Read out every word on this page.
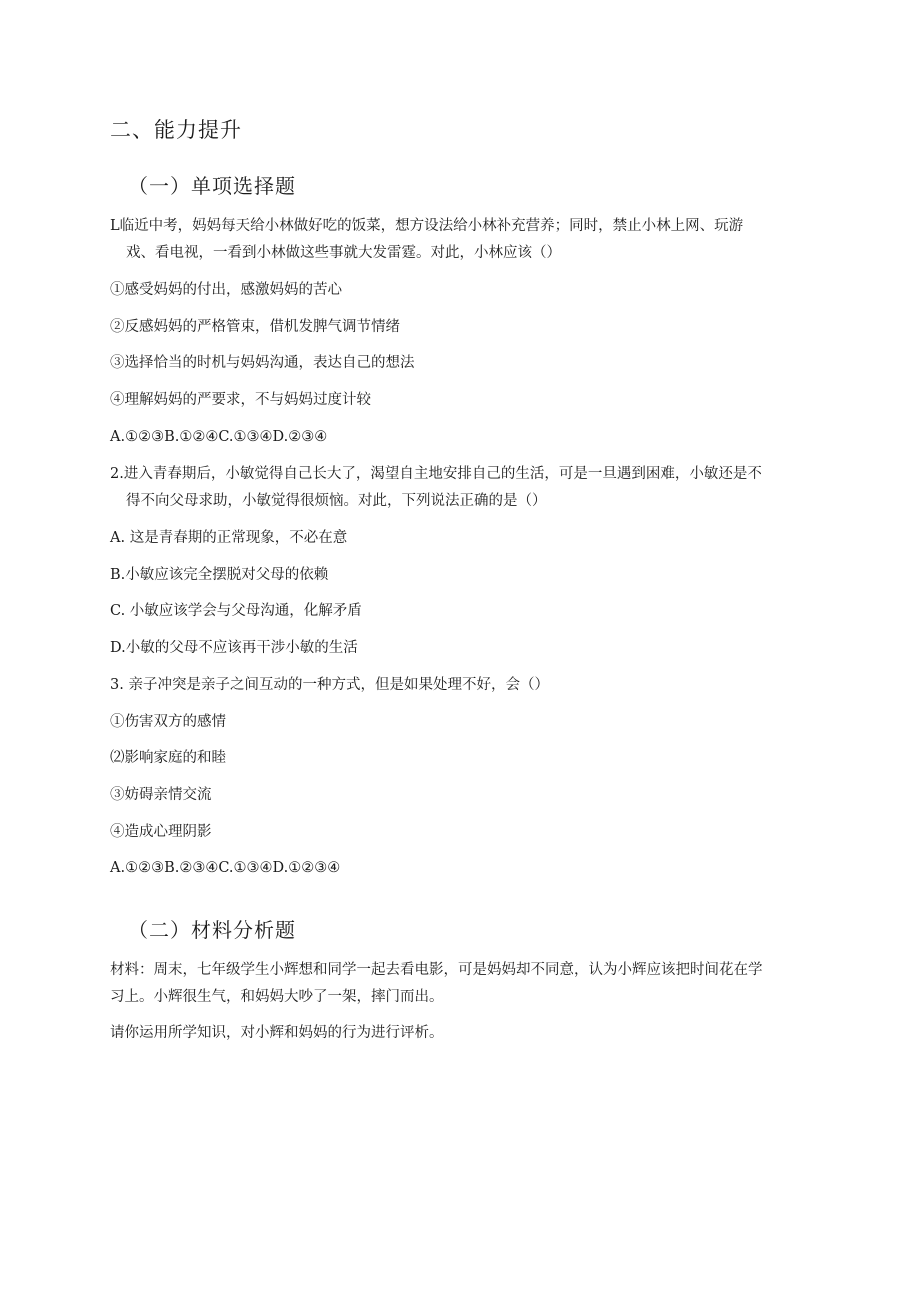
二、能力提升
（一）单项选择题
L临近中考，妈妈每天给小林做好吃的饭菜，想方设法给小林补充营养；同时，禁止小林上网、玩游
戏、看电视，一看到小林做这些事就大发雷霆。对此，小林应该（）
①感受妈妈的付出，感激妈妈的苦心
②反感妈妈的严格管束，借机发脾气调节情绪
③选择恰当的时机与妈妈沟通，表达自己的想法
④理解妈妈的严要求，不与妈妈过度计较
A.①②③B.①②④C.①③④D.②③④
2.进入青春期后，小敏觉得自己长大了，渴望自主地安排自己的生活，可是一旦遇到困难，小敏还是不
得不向父母求助，小敏觉得很烦恼。对此，下列说法正确的是（）
A. 这是青春期的正常现象，不必在意
B.小敏应该完全摆脱对父母的依赖
C. 小敏应该学会与父母沟通，化解矛盾
D.小敏的父母不应该再干涉小敏的生活
3. 亲子冲突是亲子之间互动的一种方式，但是如果处理不好，会（）
①伤害双方的感情
⑵影响家庭的和睦
③妨碍亲情交流
④造成心理阴影
A.①②③B.②③④C.①③④D.①②③④
（二）材料分析题
材料：周末，七年级学生小辉想和同学一起去看电影，可是妈妈却不同意，认为小辉应该把时间花在学
习上。小辉很生气，和妈妈大吵了一架，摔门而出。
请你运用所学知识，对小辉和妈妈的行为进行评析。
